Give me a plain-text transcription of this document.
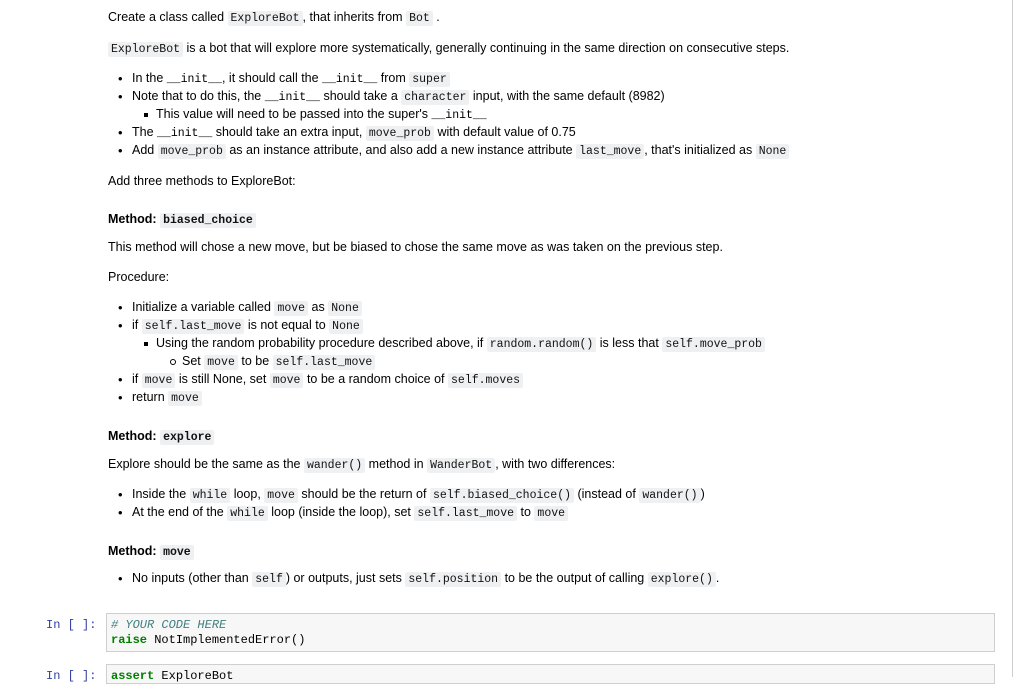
Create a class called ExploreBot , that inherits from Bot .
ExploreBot is a bot that will explore more systematically, generally continuing in the same direction on consecutive steps.
• In the __init__, it should call the __init__ from super
• Note that to do this, the __init__ should take a character input, with the same default (8982)
This value will need to be passed into the super's __init__
• The __init__ should take an extra input, move_prob with default value of 0.75
• Add move_prob as an instance attribute, and also add a new instance attribute last_move , that's initialized as None
Add three methods to ExploreBot:
Method: biased_choice
This method will chose a new move, but be biased to chose the same move as was taken on the previous step.
Procedure:
• Initialize a variable called move as None
• if self.last_move is not equal to None
Using the random probability procedure described above, if random.random() is less that self.move_prob
Set move to be self.last_move
• if move is still None, set move to be a random choice of self.moves
• return move
Method: explore
Explore should be the same as the wander() method in WanderBot , with two differences:
• Inside the while loop, move should be the return of self.biased_choice() (instead of wander() )
• At the end of the while loop (inside the loop), set self.last_move to move
Method: move
• No inputs (other than self ) or outputs, just sets self.position to be the output of calling explore() .
In [ ]: # YOUR CODE HERE
raise NotImplementedError()
In [ ]: assert ExploreBot
